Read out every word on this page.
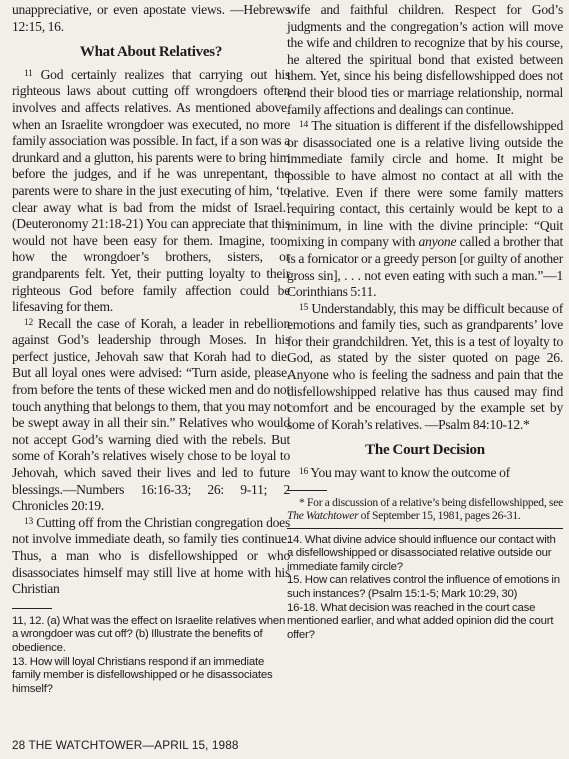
unappreciative, or even apostate views. —Hebrews 12:15, 16.

What About Relatives?

$^{11}$ God certainly realizes that carrying out his righteous laws about cutting off wrongdoers often involves and affects relatives. As mentioned above, when an Israelite wrongdoer was executed, no more family association was possible. In fact, if a son was a drunkard and a glutton, his parents were to bring him before the judges, and if he was unrepentant, the parents were to share in the just executing of him, ‘to clear away what is bad from the midst of Israel.’ (Deuteronomy 21:18-21) You can appreciate that this would not have been easy for them. Imagine, too, how the wrongdoer’s brothers, sisters, or grandparents felt. Yet, their putting loyalty to their righteous God before family affection could be lifesaving for them.

$^{12}$ Recall the case of Korah, a leader in rebellion against God’s leadership through Moses. In his perfect justice, Jehovah saw that Korah had to die. But all loyal ones were advised: “Turn aside, please, from before the tents of these wicked men and do not touch anything that belongs to them, that you may not be swept away in all their sin.” Relatives who would not accept God’s warning died with the rebels. But some of Korah’s relatives wisely chose to be loyal to Jehovah, which saved their lives and led to future blessings.—Numbers 16:16-33; 26: 9-11; 2 Chronicles 20:19.

$^{13}$ Cutting off from the Christian congregation does not involve immediate death, so family ties continue. Thus, a man who is disfellowshipped or who disassociates himself may still live at home with his Christian

11, 12. (a) What was the effect on Israelite relatives when a wrongdoer was cut off? (b) Illustrate the benefits of obedience.

13. How will loyal Christians respond if an immediate family member is disfellowshipped or he disassociates himself?

wife and faithful children. Respect for God’s judgments and the congregation’s action will move the wife and children to recognize that by his course, he altered the spiritual bond that existed between them. Yet, since his being disfellowshipped does not end their blood ties or marriage relationship, normal family affections and dealings can continue.

$^{14}$ The situation is different if the disfellowshipped or disassociated one is a relative living outside the immediate family circle and home. It might be possible to have almost no contact at all with the relative. Even if there were some family matters requiring contact, this certainly would be kept to a minimum, in line with the divine principle: “Quit mixing in company with anyone called a brother that is a fornicator or a greedy person [or guilty of another gross sin], . . . not even eating with such a man.”—1 Corinthians 5:11.

$^{15}$ Understandably, this may be difficult because of emotions and family ties, such as grandparents’ love for their grandchildren. Yet, this is a test of loyalty to God, as stated by the sister quoted on page 26. Anyone who is feeling the sadness and pain that the disfellowshipped relative has thus caused may find comfort and be encouraged by the example set by some of Korah’s relatives. —Psalm 84:10-12.*

The Court Decision

$^{16}$ You may want to know the outcome of

* For a discussion of a relative’s being disfellowshipped, see The Watchtower of September 15, 1981, pages 26-31.

14. What divine advice should influence our contact with a disfellowshipped or disassociated relative outside our immediate family circle?

15. How can relatives control the influence of emotions in such instances? (Psalm 15:1-5; Mark 10:29, 30)

16-18. What decision was reached in the court case mentioned earlier, and what added opinion did the court offer?

28 THE WATCHTOWER—APRIL 15, 1988
